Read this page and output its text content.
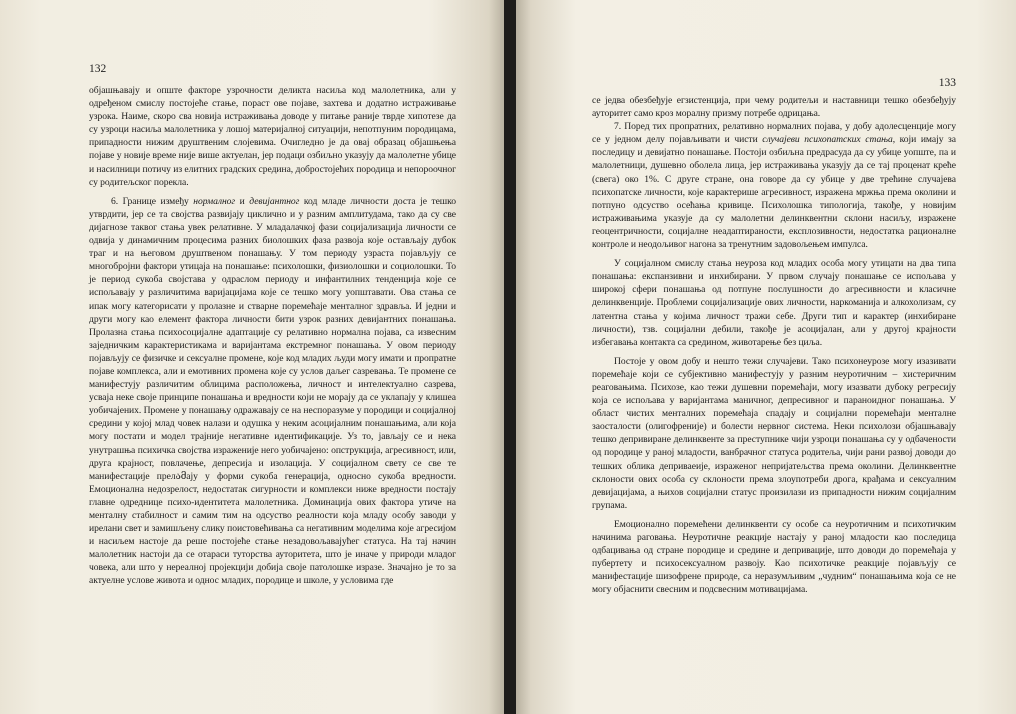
132

објашњавају и опште факторе узрочности деликта насиља код малолетника, али у одређеном смислу постојеће стање, пораст ове појаве, захтева и додатно истраживање узрока. Наиме, скоро сва новија истраживања доводе у питање раније тврде хипотезе да су узроци насиља малолетника у лошој материјалној ситуацији, непотпуним породицама, припадности нижим друштвеним слојевима. Очигледно је да овај образац објашњења појаве у новије време није више актуелан, јер подаци озбиљно указују да малолетне убице и насилници потичу из елитних градских средина, добростојећих породица и непороочног су родитељског порекла.

6. Границе између нормалног и девијантног код младе личности доста је тешко утврдити, јер се та својства развијају циклично и у разним амплитудама, тако да су све дијагнозе таквог стања увек релативне. У младалачкој фази социјализација личности се одвија у динамичним процесима разних биолошких фаза развоја које остављају дубок траг и на његовом друштвеном понашању. У том периоду узраста појављују се многобројни фактори утицаја на понашање: психолошки, физиолошки и социолошки. То је период сукоба својстава у одраслом периоду и инфантилних тенденција које се испољавају у различитима варијацијама које се тешко могу уопштавати. Ова стања се ипак могу категорисати у пролазне и стварне поремећаје менталног здравља. И једни и други могу као елемент фактора личности бити узрок разних девијантних понашања. Пролазна стања психосоцијалне адаптације су релативно нормална појава, са извесним заједничким карактеристикама и варијантама екстремног понашања. У овом периоду појављују се физичке и сексуалне промене, које код младих људи могу имати и пропратне појаве комплекса, али и емотивних промена које су услов даљег сазревања. Те промене се манифестују различитим облицима расположења, личност и интелектуално сазрева, усваја неке своје принципе понашања и вредности који не морају да се уклапају у клишеа уобичајених. Промене у понашању одражавају се на неспоразуме у породици и социјалној средини у којој млад човек налази и одушка у неким асоцијалним понашањима, али која могу постати и модел трајније негативне идентификације. Уз то, јављају се и нека унутрашња психичка својства израженије него уобичајено: опструкција, агресивност, или, друга крајност, повлачење, депресија и изолација. У социјалном свету се све те манифестације прелამају у форми сукоба генерација, односно сукоба вредности. Емоционална недозрелост, недостатак сигурности и комплекси ниже вредности постају главне одреднице психо-идентитета малолетника. Доминација ових фактора утиче на менталну стабилност и самим тим на одсуство реалности која младу особу заводи у ирелани свет и замишљену слику поистовећивања са негативним моделима које агресијом и насиљем настоје да реше постојеће стање незадовољавајућег статуса. На тај начин малолетник настоји да се отараси туторства ауторитета, што је иначе у природи младог човека, али што у нереалној пројекцији добија своје патолошке изразе. Значајно је то за актуелне услове живота и однос младих, породице и школе, у условима где

133

се једва обезбеђује егзистенција, при чему родитељи и наставници тешко обезбеђују ауторитет само кроз моралну призму потребе одрицања.

7. Поред тих пропратних, релативно нормалних појава, у добу адолесценције могу се у једном делу појављивати и чисти случајеви психопатских стања, који имају за последицу и девијатно понашање. Постоји озбиљна предрасуда да су убице уопште, па и малолетници, душевно оболела лица, јер истраживања указују да се тај проценат креће (свега) око 1%. С друге стране, она говоре да су убице у две трећине случајева психопатске личности, које карактерише агресивност, изражена мржња према околини и потпуно одсуство осећања кривице. Психолошка типологија, такође, у новијим истраживањима указује да су малолетни делинквентни склони насиљу, изражене геоцентричности, социјалне неадаптираности, експлозивности, недостатка рационалне контроле и неодољивог нагона за тренутним задовољењем импулса.

У социјалном смислу стања неуроза код младих особа могу утицати на два типа понашања: експанзивни и инхибирани. У првом случају понашање се испољава у широкој сфери понашања од потпуне послушности до агресивности и класичне делинквенције. Проблеми социјализације ових личности, наркоманија и алкохолизам, су латентна стања у којима личност тражи себе. Други тип и карактер (инхибиране личности), тзв. социјални дебили, такође је асоцијалан, али у другој крајности избегавања контакта са средином, животарење без циља.

Постоје у овом добу и нешто тежи случајеви. Тако психонеурозе могу изазивати поремећаје који се субјективно манифестују у разним неуротичним – хистеричним реаговањима. Психозе, као тежи душевни поремећаји, могу изазвати дубоку регресију која се испољава у варијантама маничног, депресивног и параноидног понашања. У област чистих менталних поремећаја спадају и социјални поремећаји менталне заосталости (олигофреније) и болести нервног система. Неки психолози објашњавају тешко депривиране делинквенте за преступнике чији узроци понашања су у одбачености од породице у раној младости, ванбрачног статуса родитеља, чији рани развој доводи до тешких облика деприваеије, израженог непријатељства према околини. Делинквентне склоности ових особа су склоности према злоупотреби дрога, крађама и сексуалним девијацијама, а њихов социјални статус произилази из припадности нижим социјалним групама.

Емоционално поремећени делинквенти су особе са неуротичним и психотичким начинима раговања. Неуротичне реакције настају у раној младости као последица одбацивања од стране породице и средине и депривације, што доводи до поремећаја у пубертету и психосексуалном развоју. Као психотичке реакције појављују се манифестације шизофрене природе, са неразумљивим „чудним“ понашањима која се не могу објаснити свесним и подсвесним мотивацијама.
